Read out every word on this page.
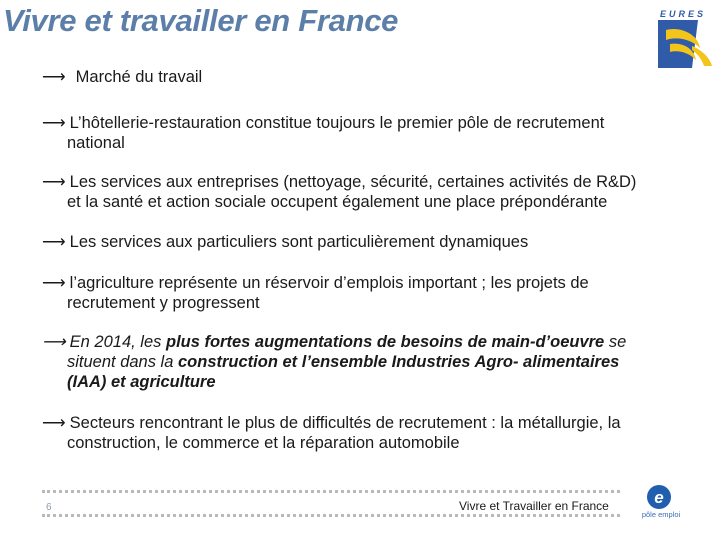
Vivre et travailler en France	EURES
⟶ Marché du travail
⟶ L’hôtellerie-restauration constitue toujours le premier pôle de recrutement
national
⟶ Les services aux entreprises (nettoyage, sécurité, certaines activités de R&D)
et la santé et action sociale occupent également une place prépondérante
⟶ Les services aux particuliers sont particulièrement dynamiques
⟶ l’agriculture représente un réservoir d’emplois important ; les projets de
recrutement y progressent
⟶ En 2014, les plus fortes augmentations de besoins de main-d’oeuvre se
situent dans la construction et l’ensemble Industries Agro- alimentaires
(IAA) et agriculture
⟶ Secteurs rencontrant le plus de difficultés de recrutement : la métallurgie, la
construction, le commerce et la réparation automobile
6	Vivre et Travailler en France	e
pôle emploi
